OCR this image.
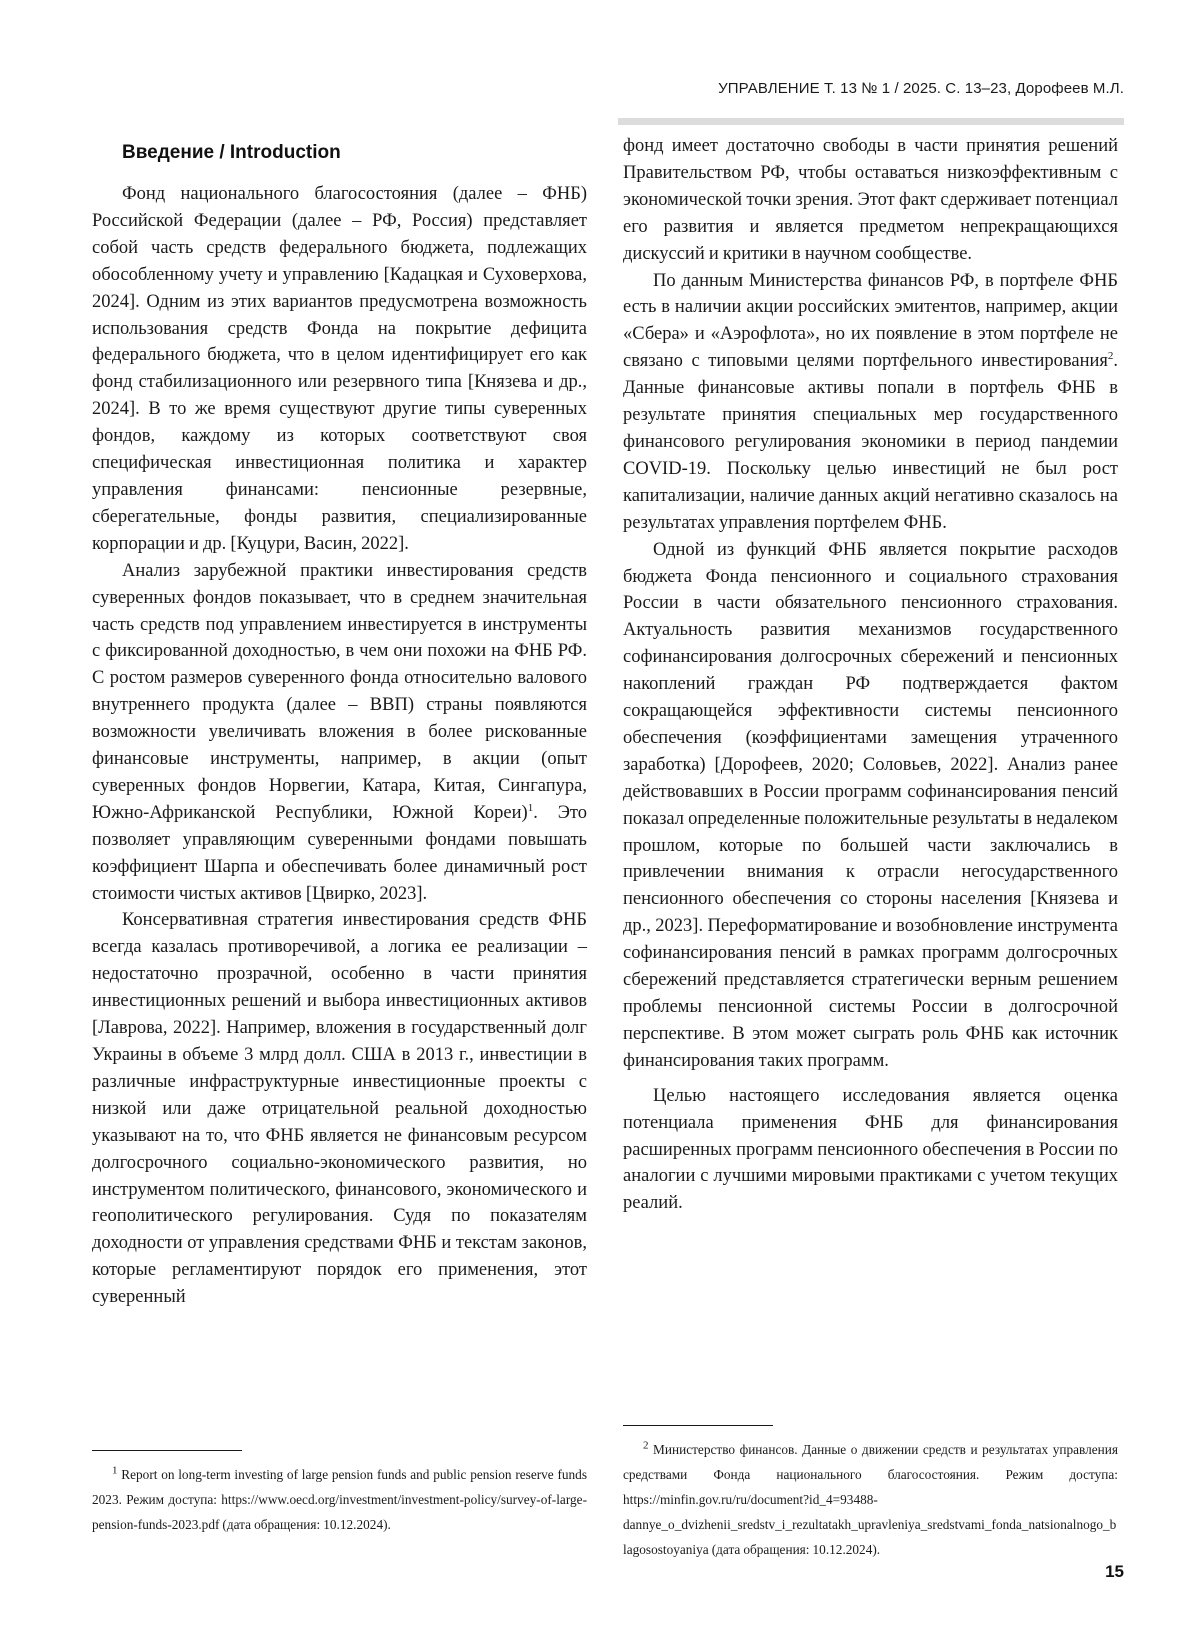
УПРАВЛЕНИЕ Т. 13 № 1 / 2025. С. 13–23, Дорофеев М.Л.
Введение / Introduction

Фонд национального благосостояния (далее – ФНБ) Российской Федерации (далее – РФ, Россия) представляет собой часть средств федерального бюджета, подлежащих обособленному учету и управлению [Кадацкая и Суховерхова, 2024]. Одним из этих вариантов предусмотрена возможность использования средств Фонда на покрытие дефицита федерального бюджета, что в целом идентифицирует его как фонд стабилизационного или резервного типа [Князева и др., 2024]. В то же время существуют другие типы суверенных фондов, каждому из которых соответствуют своя специфическая инвестиционная политика и характер управления финансами: пенсионные резервные, сберегательные, фонды развития, специализированные корпорации и др. [Куцури, Васин, 2022].

Анализ зарубежной практики инвестирования средств суверенных фондов показывает, что в среднем значительная часть средств под управлением инвестируется в инструменты с фиксированной доходностью, в чем они похожи на ФНБ РФ. С ростом размеров суверенного фонда относительно валового внутреннего продукта (далее – ВВП) страны появляются возможности увеличивать вложения в более рискованные финансовые инструменты, например, в акции (опыт суверенных фондов Норвегии, Катара, Китая, Сингапура, Южно-Африканской Республики, Южной Кореи)$^1$. Это позволяет управляющим суверенными фондами повышать коэффициент Шарпа и обеспечивать более динамичный рост стоимости чистых активов [Цвирко, 2023].

Консервативная стратегия инвестирования средств ФНБ всегда казалась противоречивой, а логика ее реализации – недостаточно прозрачной, особенно в части принятия инвестиционных решений и выбора инвестиционных активов [Лаврова, 2022]. Например, вложения в государственный долг Украины в объеме 3 млрд долл. США в 2013 г., инвестиции в различные инфраструктурные инвестиционные проекты с низкой или даже отрицательной реальной доходностью указывают на то, что ФНБ является не финансовым ресурсом долгосрочного социально-экономического развития, но инструментом политического, финансового, экономического и геополитического регулирования. Судя по показателям доходности от управления средствами ФНБ и текстам законов, которые регламентируют порядок его применения, этот суверенный

фонд имеет достаточно свободы в части принятия решений Правительством РФ, чтобы оставаться низкоэффективным с экономической точки зрения. Этот факт сдерживает потенциал его развития и является предметом непрекращающихся дискуссий и критики в научном сообществе.

По данным Министерства финансов РФ, в портфеле ФНБ есть в наличии акции российских эмитентов, например, акции «Сбера» и «Аэрофлота», но их появление в этом портфеле не связано с типовыми целями портфельного инвестирования$^2$. Данные финансовые активы попали в портфель ФНБ в результате принятия специальных мер государственного финансового регулирования экономики в период пандемии COVID-19. Поскольку целью инвестиций не был рост капитализации, наличие данных акций негативно сказалось на результатах управления портфелем ФНБ.

Одной из функций ФНБ является покрытие расходов бюджета Фонда пенсионного и социального страхования России в части обязательного пенсионного страхования. Актуальность развития механизмов государственного софинансирования долгосрочных сбережений и пенсионных накоплений граждан РФ подтверждается фактом сокращающейся эффективности системы пенсионного обеспечения (коэффициентами замещения утраченного заработка) [Дорофеев, 2020; Соловьев, 2022]. Анализ ранее действовавших в России программ софинансирования пенсий показал определенные положительные результаты в недалеком прошлом, которые по большей части заключались в привлечении внимания к отрасли негосударственного пенсионного обеспечения со стороны населения [Князева и др., 2023]. Переформатирование и возобновление инструмента софинансирования пенсий в рамках программ долгосрочных сбережений представляется стратегически верным решением проблемы пенсионной системы России в долгосрочной перспективе. В этом может сыграть роль ФНБ как источник финансирования таких программ.

Целью настоящего исследования является оценка потенциала применения ФНБ для финансирования расширенных программ пенсионного обеспечения в России по аналогии с лучшими мировыми практиками с учетом текущих реалий.

$^1$ Report on long-term investing of large pension funds and public pension reserve funds 2023. Режим доступа: https://www.oecd.org/investment/investment-policy/survey-of-large-pension-funds-2023.pdf (дата обращения: 10.12.2024).
$^2$ Министерство финансов. Данные о движении средств и результатах управления средствами Фонда национального благосостояния. Режим доступа: https://minfin.gov.ru/ru/document?id_4=93488-dannye_o_dvizhenii_sredstv_i_rezultatakh_upravleniya_sredstvami_fonda_natsionalnogo_blagosostoyaniya (дата обращения: 10.12.2024).
15
